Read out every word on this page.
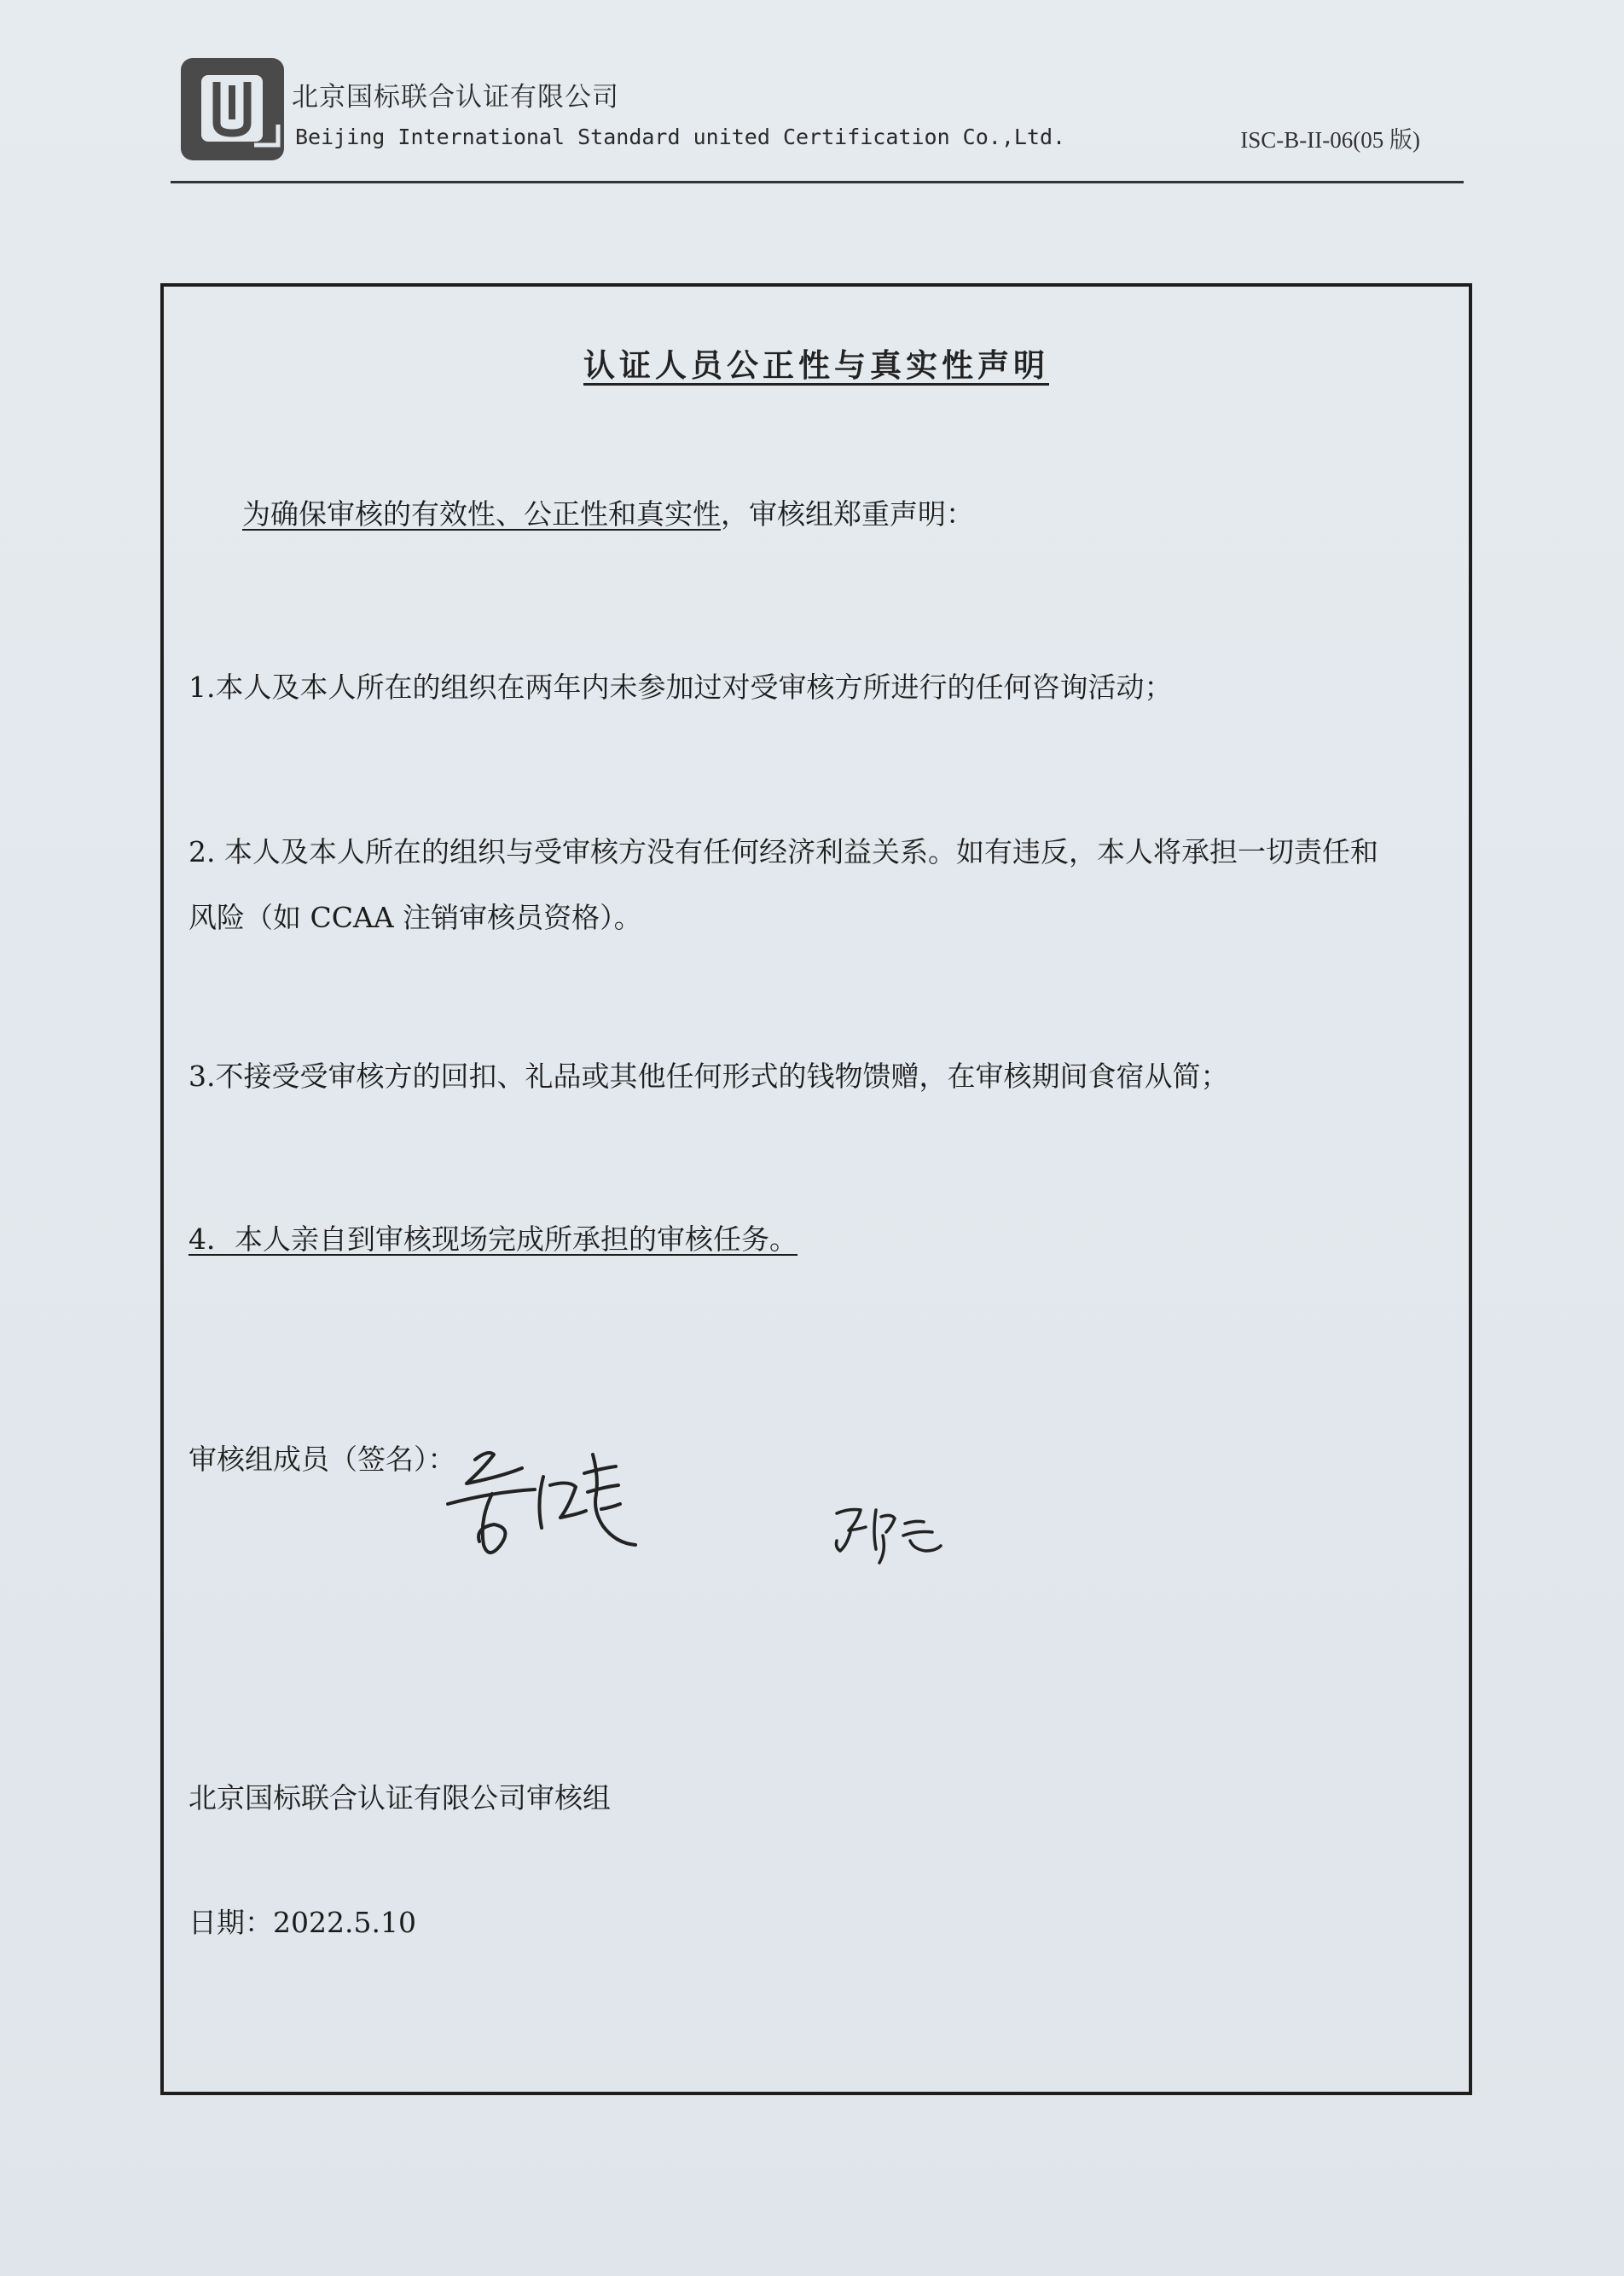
北京国标联合认证有限公司
Beijing International Standard united Certification Co.,Ltd.	ISC-B-II-06(05 版)
认证人员公正性与真实性声明
为确保审核的有效性、公正性和真实性，审核组郑重声明：
1.本人及本人所在的组织在两年内未参加过对受审核方所进行的任何咨询活动；
2. 本人及本人所在的组织与受审核方没有任何经济利益关系。如有违反，本人将承担一切责任和
风险（如 CCAA 注销审核员资格）。
3.不接受受审核方的回扣、礼品或其他任何形式的钱物馈赠，在审核期间食宿从简；
4．本人亲自到审核现场完成所承担的审核任务。
审核组成员（签名）：
北京国标联合认证有限公司审核组
日期：2022.5.10
